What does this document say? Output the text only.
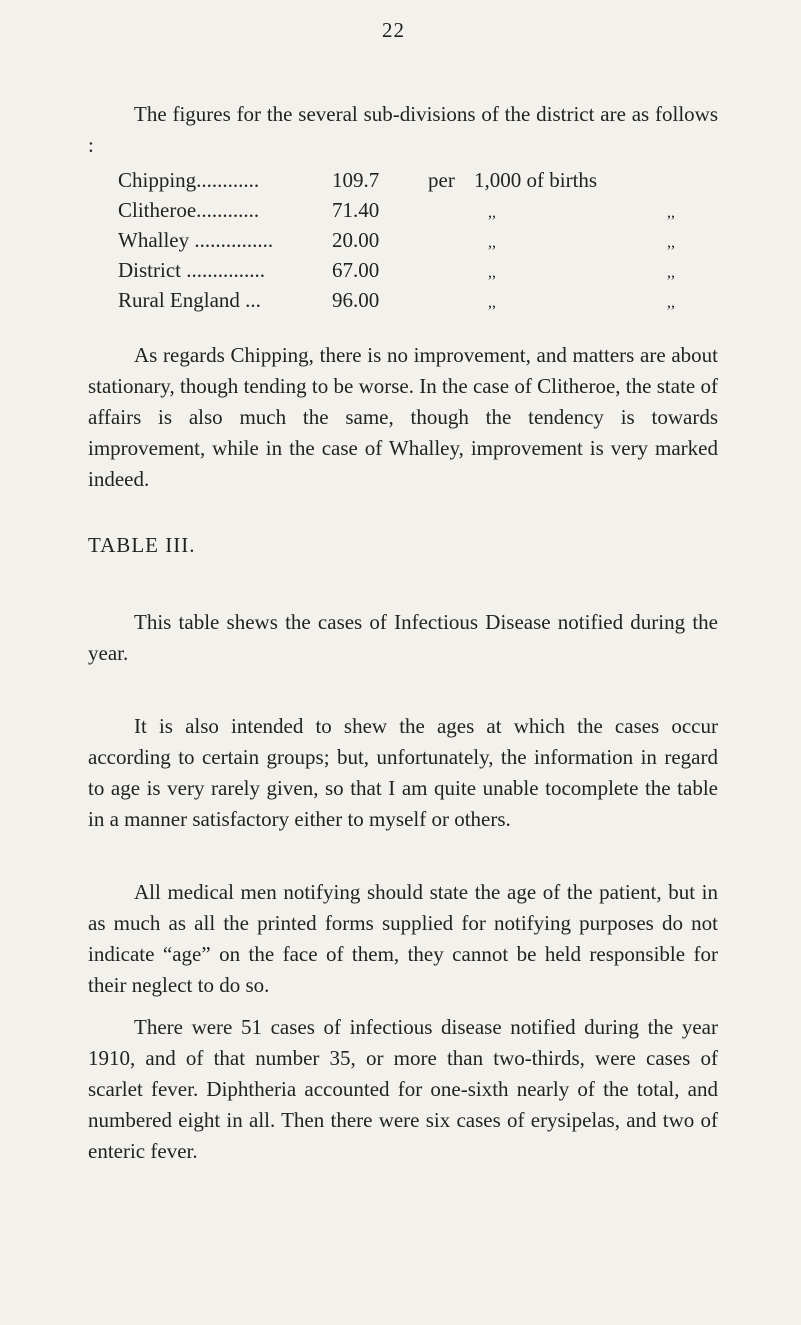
22

The figures for the several sub-divisions of the district are as follows :

Chipping............	109.7 per 1,000 of births
Clitheroe............	71.40	,,	,,
Whalley ...............	20.00	,,	,,
District ...............	67.00	,,	,,
Rural England ...	96.00	,,	,,

As regards Chipping, there is no improvement, and matters are about stationary, though tending to be worse. In the case of Clitheroe, the state of affairs is also much the same, though the tendency is towards improvement, while in the case of Whalley, improvement is very marked indeed.

TABLE III.

This table shews the cases of Infectious Disease notified during the year.

It is also intended to shew the ages at which the cases occur according to certain groups; but, unfortunately, the information in regard to age is very rarely given, so that I am quite unable tocomplete the table in a manner satisfactory either to myself or others.

All medical men notifying should state the age of the patient, but in as much as all the printed forms supplied for notifying purposes do not indicate “age” on the face of them, they cannot be held responsible for their neglect to do so.

There were 51 cases of infectious disease notified during the year 1910, and of that number 35, or more than two-thirds, were cases of scarlet fever. Diphtheria accounted for one-sixth nearly of the total, and numbered eight in all. Then there were six cases of erysipelas, and two of enteric fever.
